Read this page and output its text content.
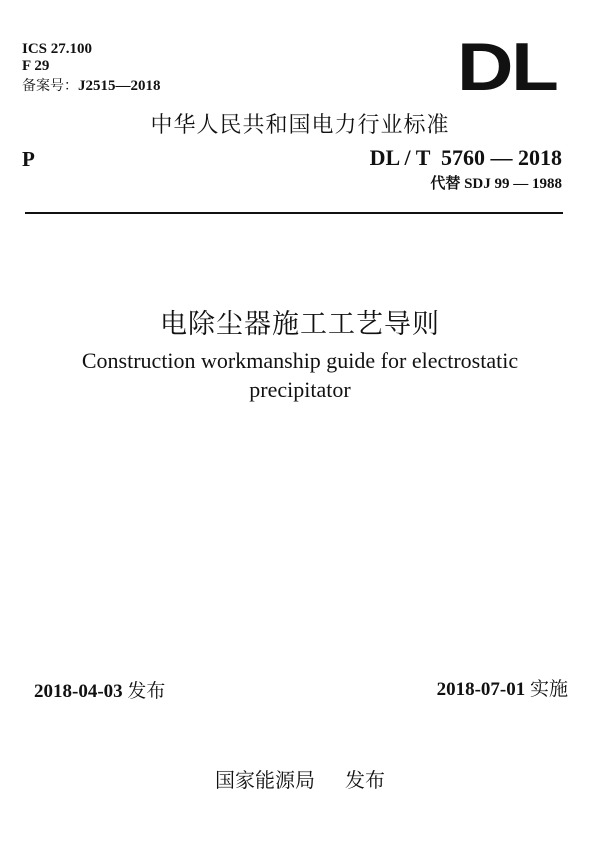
ICS 27.100
F 29
备案号：J2515—2018	DL
中华人民共和国电力行业标准
P	DL / T  5760 — 2018
代替 SDJ 99 — 1988
电除尘器施工工艺导则
Construction workmanship guide for electrostatic
precipitator
2018-04-03 发布	2018-07-01 实施
国家能源局 发布
